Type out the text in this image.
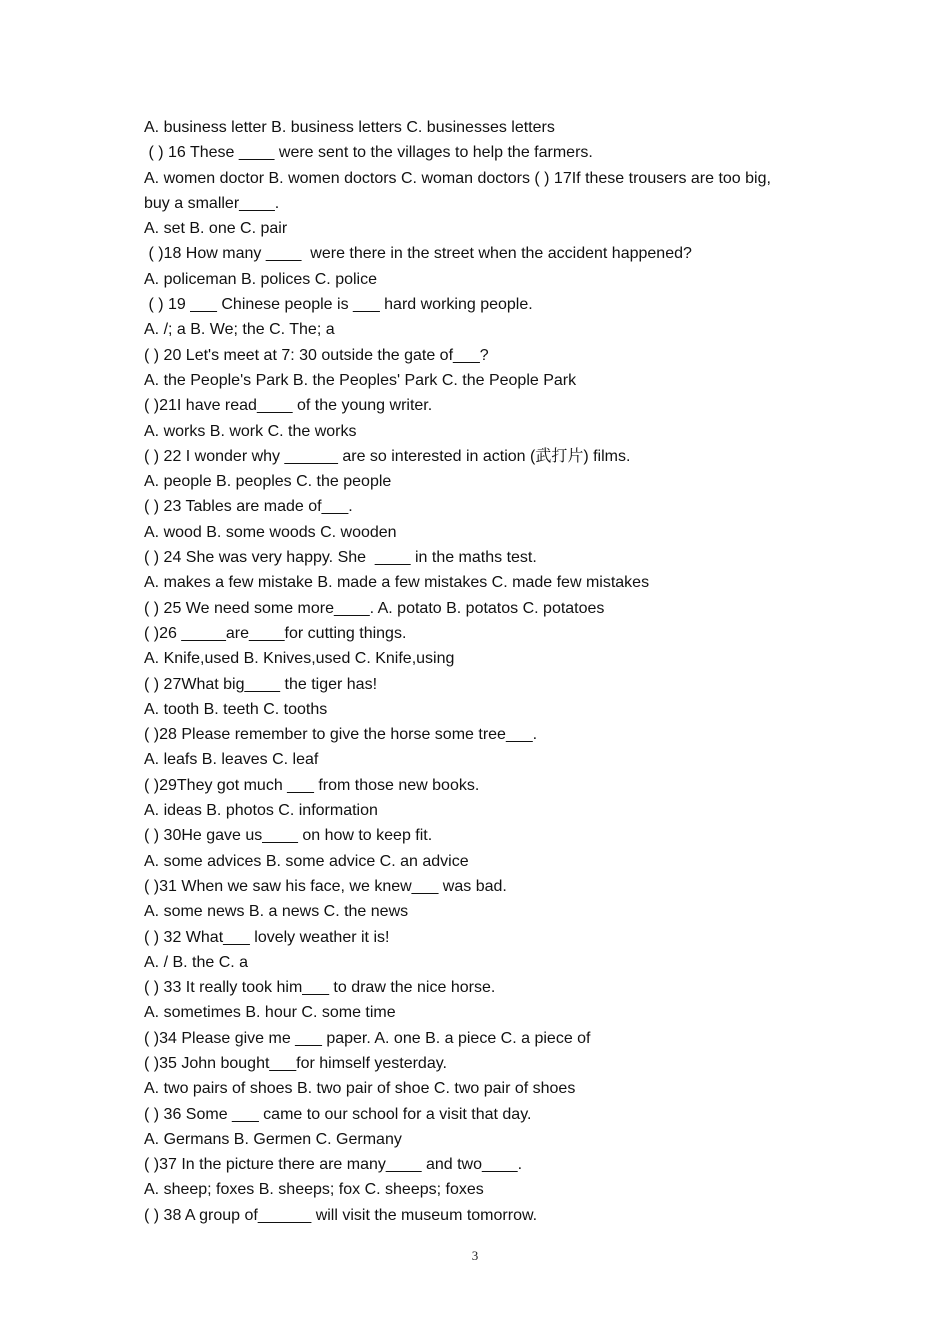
A. business letter B. business letters C. businesses letters
( ) 16 These ____ were sent to the villages to help the farmers.
A. women doctor B. women doctors C. woman doctors ( ) 17If these trousers are too big,
buy a smaller____.
A. set B. one C. pair
( )18 How many ____  were there in the street when the accident happened?
A. policeman B. polices C. police
( ) 19 ___ Chinese people is ___ hard working people.
A. /; a B. We; the C. The; a
( ) 20 Let's meet at 7: 30 outside the gate of___?
A. the People's Park B. the Peoples' Park C. the People Park
( )21I have read____ of the young writer.
A. works B. work C. the works
( ) 22 I wonder why ______ are so interested in action (武打片) films.
A. people B. peoples C. the people
( ) 23 Tables are made of___.
A. wood B. some woods C. wooden
( ) 24 She was very happy. She  ____ in the maths test.
A. makes a few mistake B. made a few mistakes C. made few mistakes
( ) 25 We need some more____. A. potato B. potatos C. potatoes
( )26 _____are____for cutting things.
A. Knife,used B. Knives,used C. Knife,using
( ) 27What big____ the tiger has!
A. tooth B. teeth C. tooths
( )28 Please remember to give the horse some tree___.
A. leafs B. leaves C. leaf
( )29They got much ___ from those new books.
A. ideas B. photos C. information
( ) 30He gave us____ on how to keep fit.
A. some advices B. some advice C. an advice
( )31 When we saw his face, we knew___ was bad.
A. some news B. a news C. the news
( ) 32 What___ lovely weather it is!
A. / B. the C. a
( ) 33 It really took him___ to draw the nice horse.
A. sometimes B. hour C. some time
( )34 Please give me ___ paper. A. one B. a piece C. a piece of
( )35 John bought___for himself yesterday.
A. two pairs of shoes B. two pair of shoe C. two pair of shoes
( ) 36 Some ___ came to our school for a visit that day.
A. Germans B. Germen C. Germany
( )37 In the picture there are many____ and two____.
A. sheep; foxes B. sheeps; fox C. sheeps; foxes
( ) 38 A group of______ will visit the museum tomorrow.
3
